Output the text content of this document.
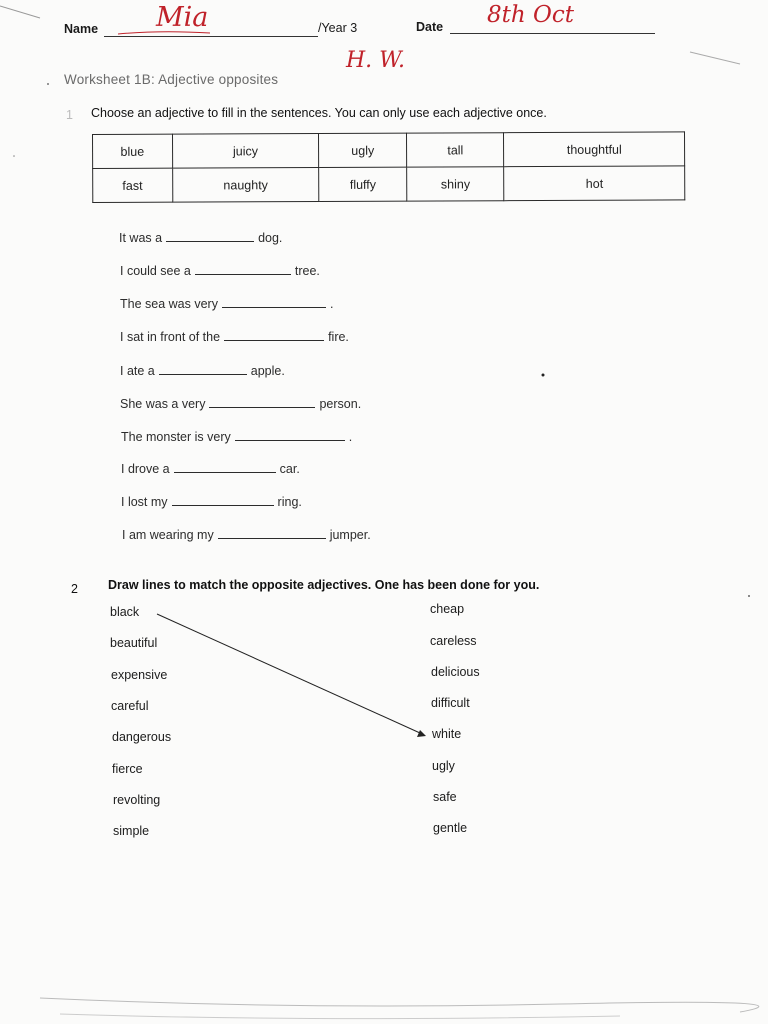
Name Mia	/Year 3	Date 8th Oct
H. W.
Worksheet 1B: Adjective opposites
1 Choose an adjective to fill in the sentences. You can only use each adjective once.
blue	juicy	ugly	tall	thoughtful
fast	naughty	fluffy	shiny	hot
It was a	dog.
I could see a	tree.
The sea was very	.
I sat in front of the	fire.
I ate a	apple.
She was a very	person.
The monster is very	.
I drove a	car.
I lost my	ring.
I am wearing my	jumper.
2 Draw lines to match the opposite adjectives. One has been done for you.
black
beautiful
expensive
careful
dangerous
fierce
revolting
simple
cheap
careless
delicious
difficult
white
ugly
safe
gentle
